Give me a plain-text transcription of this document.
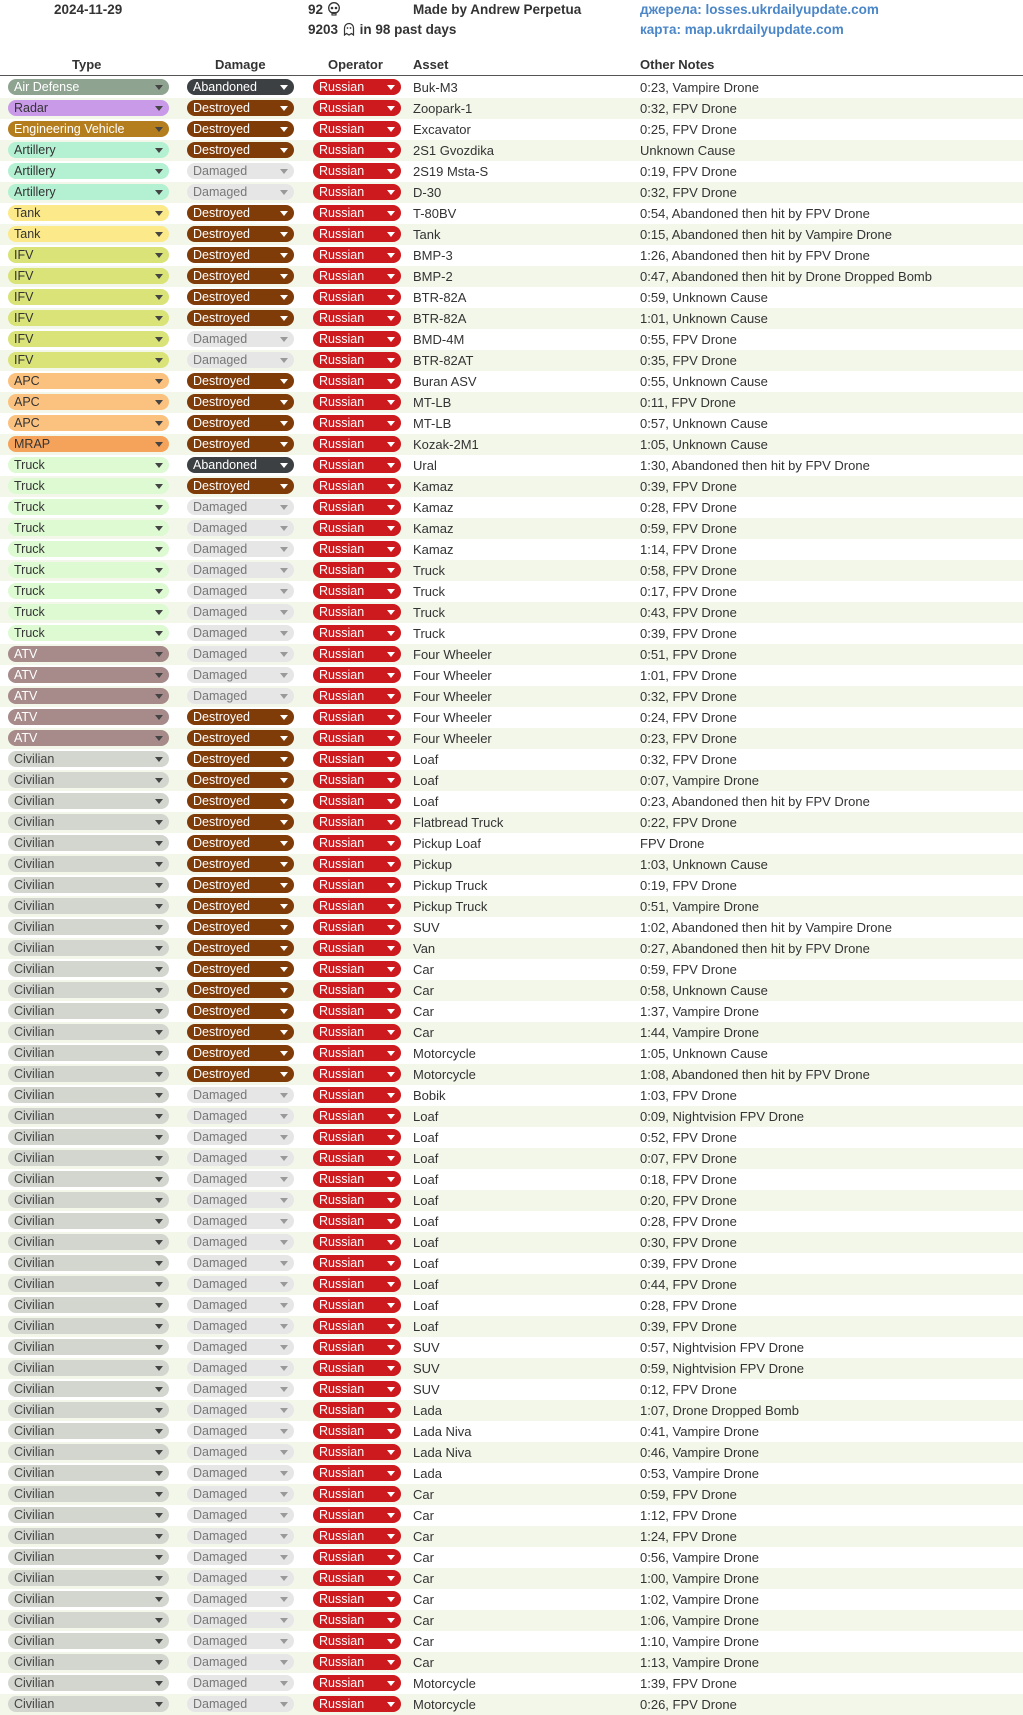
2024-11-29	92
9203 in 98 past days
Made by Andrew Perpetua	джерела: losses.ukrdailyupdate.com
карта: map.ukrdailyupdate.com
Type	Damage	Operator Asset	Other Notes
Air Defense	Abandoned	Russian	Buk-M3	0:23, Vampire Drone
Radar	Destroyed	Russian	Zoopark-1	0:32, FPV Drone
Engineering Vehicle	Destroyed	Russian	Excavator	0:25, FPV Drone
Artillery	Destroyed	Russian	2S1 Gvozdika	Unknown Cause
Artillery	Damaged	Russian	2S19 Msta-S	0:19, FPV Drone
Artillery	Damaged	Russian	D-30	0:32, FPV Drone
Tank	Destroyed	Russian	T-80BV	0:54, Abandoned then hit by FPV Drone
Tank	Destroyed	Russian	Tank	0:15, Abandoned then hit by Vampire Drone
IFV	Destroyed	Russian	BMP-3	1:26, Abandoned then hit by FPV Drone
IFV	Destroyed	Russian	BMP-2	0:47, Abandoned then hit by Drone Dropped Bomb
IFV	Destroyed	Russian	BTR-82A	0:59, Unknown Cause
IFV	Destroyed	Russian	BTR-82A	1:01, Unknown Cause
IFV	Damaged	Russian	BMD-4M	0:55, FPV Drone
IFV	Damaged	Russian	BTR-82AT	0:35, FPV Drone
APC	Destroyed	Russian	Buran ASV	0:55, Unknown Cause
APC	Destroyed	Russian	MT-LB	0:11, FPV Drone
APC	Destroyed	Russian	MT-LB	0:57, Unknown Cause
MRAP	Destroyed	Russian	Kozak-2M1	1:05, Unknown Cause
Truck	Abandoned	Russian	Ural	1:30, Abandoned then hit by FPV Drone
Truck	Destroyed	Russian	Kamaz	0:39, FPV Drone
Truck	Damaged	Russian	Kamaz	0:28, FPV Drone
Truck	Damaged	Russian	Kamaz	0:59, FPV Drone
Truck	Damaged	Russian	Kamaz	1:14, FPV Drone
Truck	Damaged	Russian	Truck	0:58, FPV Drone
Truck	Damaged	Russian	Truck	0:17, FPV Drone
Truck	Damaged	Russian	Truck	0:43, FPV Drone
Truck	Damaged	Russian	Truck	0:39, FPV Drone
ATV	Damaged	Russian	Four Wheeler	0:51, FPV Drone
ATV	Damaged	Russian	Four Wheeler	1:01, FPV Drone
ATV	Damaged	Russian	Four Wheeler	0:32, FPV Drone
ATV	Destroyed	Russian	Four Wheeler	0:24, FPV Drone
ATV	Destroyed	Russian	Four Wheeler	0:23, FPV Drone
Civilian	Destroyed	Russian	Loaf	0:32, FPV Drone
Civilian	Destroyed	Russian	Loaf	0:07, Vampire Drone
Civilian	Destroyed	Russian	Loaf	0:23, Abandoned then hit by FPV Drone
Civilian	Destroyed	Russian	Flatbread Truck	0:22, FPV Drone
Civilian	Destroyed	Russian	Pickup Loaf	FPV Drone
Civilian	Destroyed	Russian	Pickup	1:03, Unknown Cause
Civilian	Destroyed	Russian	Pickup Truck	0:19, FPV Drone
Civilian	Destroyed	Russian	Pickup Truck	0:51, Vampire Drone
Civilian	Destroyed	Russian	SUV	1:02, Abandoned then hit by Vampire Drone
Civilian	Destroyed	Russian	Van	0:27, Abandoned then hit by FPV Drone
Civilian	Destroyed	Russian	Car	0:59, FPV Drone
Civilian	Destroyed	Russian	Car	0:58, Unknown Cause
Civilian	Destroyed	Russian	Car	1:37, Vampire Drone
Civilian	Destroyed	Russian	Car	1:44, Vampire Drone
Civilian	Destroyed	Russian	Motorcycle	1:05, Unknown Cause
Civilian	Destroyed	Russian	Motorcycle	1:08, Abandoned then hit by FPV Drone
Civilian	Damaged	Russian	Bobik	1:03, FPV Drone
Civilian	Damaged	Russian	Loaf	0:09, Nightvision FPV Drone
Civilian	Damaged	Russian	Loaf	0:52, FPV Drone
Civilian	Damaged	Russian	Loaf	0:07, FPV Drone
Civilian	Damaged	Russian	Loaf	0:18, FPV Drone
Civilian	Damaged	Russian	Loaf	0:20, FPV Drone
Civilian	Damaged	Russian	Loaf	0:28, FPV Drone
Civilian	Damaged	Russian	Loaf	0:30, FPV Drone
Civilian	Damaged	Russian	Loaf	0:39, FPV Drone
Civilian	Damaged	Russian	Loaf	0:44, FPV Drone
Civilian	Damaged	Russian	Loaf	0:28, FPV Drone
Civilian	Damaged	Russian	Loaf	0:39, FPV Drone
Civilian	Damaged	Russian	SUV	0:57, Nightvision FPV Drone
Civilian	Damaged	Russian	SUV	0:59, Nightvision FPV Drone
Civilian	Damaged	Russian	SUV	0:12, FPV Drone
Civilian	Damaged	Russian	Lada	1:07, Drone Dropped Bomb
Civilian	Damaged	Russian	Lada Niva	0:41, Vampire Drone
Civilian	Damaged	Russian	Lada Niva	0:46, Vampire Drone
Civilian	Damaged	Russian	Lada	0:53, Vampire Drone
Civilian	Damaged	Russian	Car	0:59, FPV Drone
Civilian	Damaged	Russian	Car	1:12, FPV Drone
Civilian	Damaged	Russian	Car	1:24, FPV Drone
Civilian	Damaged	Russian	Car	0:56, Vampire Drone
Civilian	Damaged	Russian	Car	1:00, Vampire Drone
Civilian	Damaged	Russian	Car	1:02, Vampire Drone
Civilian	Damaged	Russian	Car	1:06, Vampire Drone
Civilian	Damaged	Russian	Car	1:10, Vampire Drone
Civilian	Damaged	Russian	Car	1:13, Vampire Drone
Civilian	Damaged	Russian	Motorcycle	1:39, FPV Drone
Civilian	Damaged	Russian	Motorcycle	0:26, FPV Drone
